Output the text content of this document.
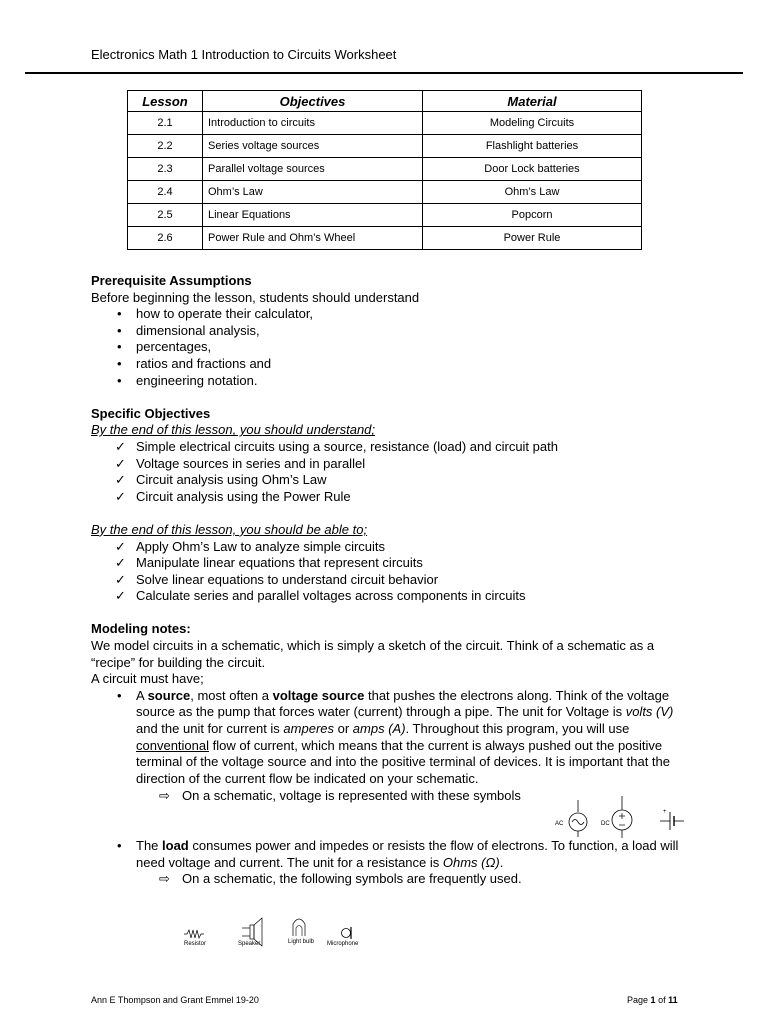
Electronics Math 1 Introduction to Circuits Worksheet
Lesson	Objectives	Material
2.1	Introduction to circuits	Modeling Circuits
2.2	Series voltage sources	Flashlight batteries
2.3	Parallel voltage sources	Door Lock batteries
2.4	Ohm’s Law	Ohm’s Law
2.5	Linear Equations	Popcorn
2.6	Power Rule and Ohm’s Wheel	Power Rule

Prerequisite Assumptions

Before beginning the lesson, students should understand

• how to operate their calculator,
• dimensional analysis,
• percentages,
• ratios and fractions and
• engineering notation.

Specific Objectives

By the end of this lesson, you should understand;

✓ Simple electrical circuits using a source, resistance (load) and circuit path
✓ Voltage sources in series and in parallel
✓ Circuit analysis using Ohm’s Law
✓ Circuit analysis using the Power Rule

By the end of this lesson, you should be able to;

✓ Apply Ohm’s Law to analyze simple circuits
✓ Manipulate linear equations that represent circuits
✓ Solve linear equations to understand circuit behavior
✓ Calculate series and parallel voltages across components in circuits

Modeling notes:

We model circuits in a schematic, which is simply a sketch of the circuit. Think of a schematic as a “recipe” for building the circuit.

A circuit must have;

• A source, most often a voltage source that pushes the electrons along. Think of the voltage source as the pump that forces water (current) through a pipe. The unit for Voltage is volts (V) and the unit for current is amperes or amps (A). Throughout this program, you will use conventional flow of current, which means that the current is always pushed out the positive terminal of the voltage source and into the positive terminal of devices. It is important that the direction of the current flow be indicated on your schematic.
⇨ On a schematic, voltage is represented with these symbols
• The load consumes power and impedes or resists the flow of electrons. To function, a load will need voltage and current. The unit for a resistance is Ohms (Ω).
⇨ On a schematic, the following symbols are frequently used.
AC	DC
+
Resistor	Speaker	Light bulb Microphone
Ann E Thompson and Grant Emmel 19-20	Page 1 of 11
